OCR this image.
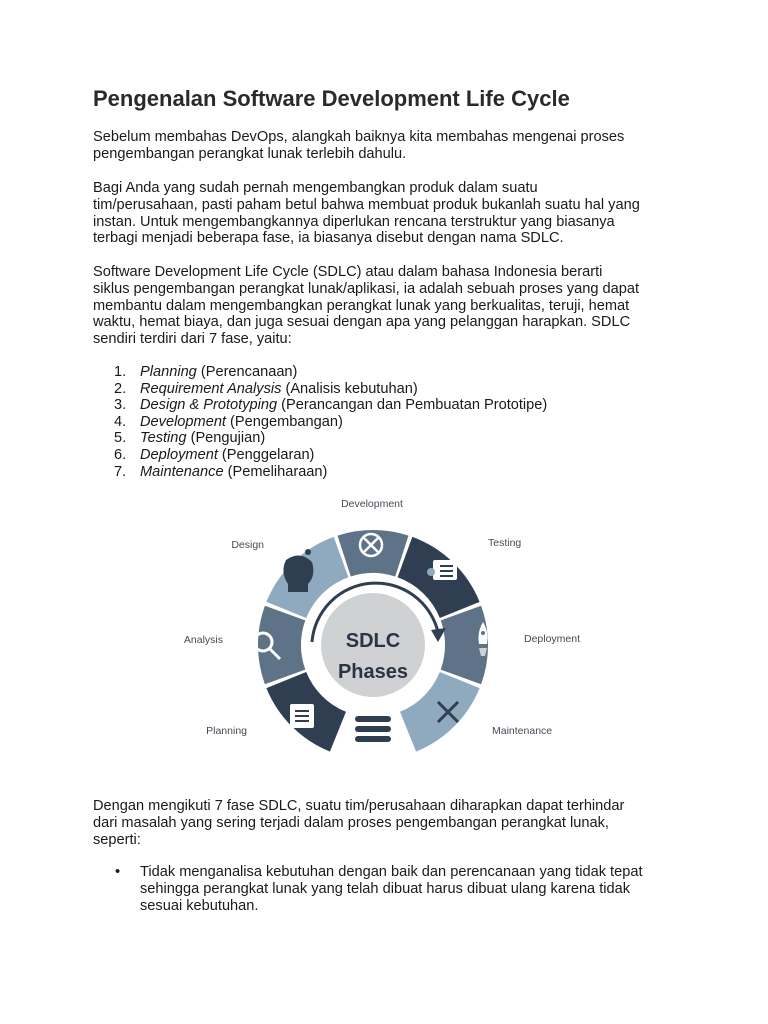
Pengenalan Software Development Life Cycle

Sebelum membahas DevOps, alangkah baiknya kita membahas mengenai proses
pengembangan perangkat lunak terlebih dahulu.

Bagi Anda yang sudah pernah mengembangkan produk dalam suatu
tim/perusahaan, pasti paham betul bahwa membuat produk bukanlah suatu hal yang
instan. Untuk mengembangkannya diperlukan rencana terstruktur yang biasanya
terbagi menjadi beberapa fase, ia biasanya disebut dengan nama SDLC.

Software Development Life Cycle (SDLC) atau dalam bahasa Indonesia berarti
siklus pengembangan perangkat lunak/aplikasi, ia adalah sebuah proses yang dapat
membantu dalam mengembangkan perangkat lunak yang berkualitas, teruji, hemat
waktu, hemat biaya, dan juga sesuai dengan apa yang pelanggan harapkan. SDLC
sendiri terdiri dari 7 fase, yaitu:

1. Planning (Perencanaan)
2. Requirement Analysis (Analisis kebutuhan)
3. Design & Prototyping (Perancangan dan Pembuatan Prototipe)
4. Development (Pengembangan)
5. Testing (Pengujian)
6. Deployment (Penggelaran)
7. Maintenance (Pemeliharaan)

Dengan mengikuti 7 fase SDLC, suatu tim/perusahaan diharapkan dapat terhindar
dari masalah yang sering terjadi dalam proses pengembangan perangkat lunak,
seperti:

• Tidak menganalisa kebutuhan dengan baik dan perencanaan yang tidak tepat
sehingga perangkat lunak yang telah dibuat harus dibuat ulang karena tidak
sesuai kebutuhan.
SDLC
Phases
Development
Testing
Deployment
Maintenance
Planning
Analysis
Design
